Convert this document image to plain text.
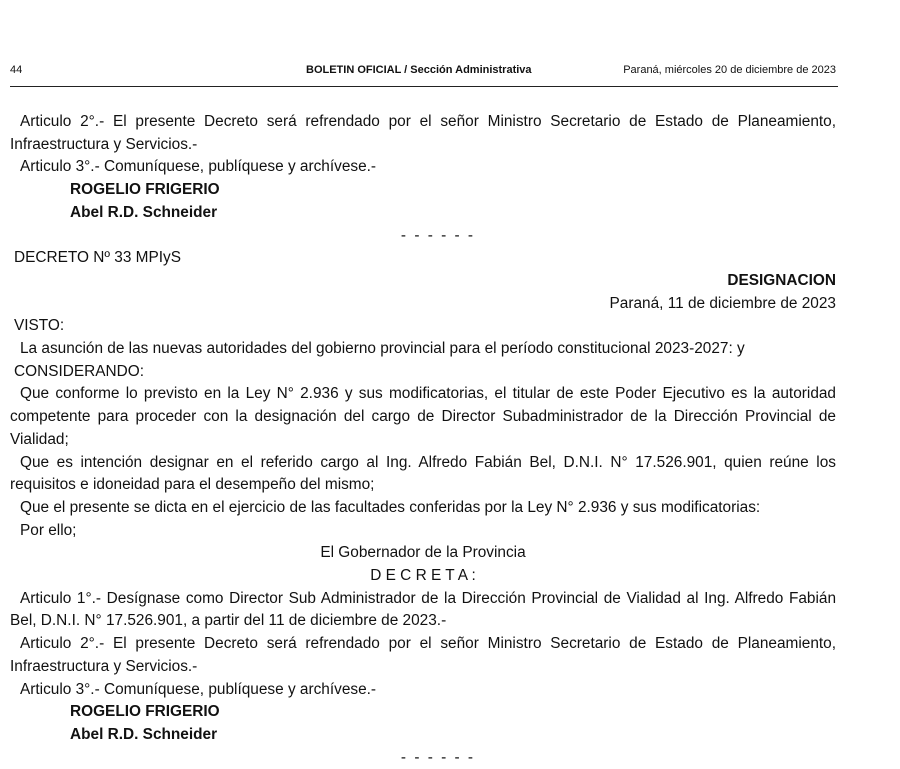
44	BOLETIN OFICIAL / Sección Administrativa	Paraná, miércoles 20 de diciembre de 2023

Articulo 2°.- El presente Decreto será refrendado por el señor Ministro Secretario de Estado de Planeamiento, Infraestructura y Servicios.-

Articulo 3°.- Comuníquese, publíquese y archívese.-

ROGELIO FRIGERIO

Abel R.D. Schneider

- - - - - -

DECRETO Nº 33 MPIyS

DESIGNACION

Paraná, 11 de diciembre de 2023

VISTO:

La asunción de las nuevas autoridades del gobierno provincial para el período constitucional 2023-2027: y

CONSIDERANDO:

Que conforme lo previsto en la Ley N° 2.936 y sus modificatorias, el titular de este Poder Ejecutivo es la autoridad competente para proceder con la designación del cargo de Director Subadministrador de la Dirección Provincial de Vialidad;

Que es intención designar en el referido cargo al Ing. Alfredo Fabián Bel, D.N.I. N° 17.526.901, quien reúne los requisitos e idoneidad para el desempeño del mismo;

Que el presente se dicta en el ejercicio de las facultades conferidas por la Ley N° 2.936 y sus modificatorias:

Por ello;

El Gobernador de la Provincia

D E C R E T A :

Articulo 1°.- Desígnase como Director Sub Administrador de la Dirección Provincial de Vialidad al Ing. Alfredo Fabián Bel, D.N.I. N° 17.526.901, a partir del 11 de diciembre de 2023.-

Articulo 2°.- El presente Decreto será refrendado por el señor Ministro Secretario de Estado de Planeamiento, Infraestructura y Servicios.-

Articulo 3°.- Comuníquese, publíquese y archívese.-

ROGELIO FRIGERIO

Abel R.D. Schneider

- - - - - -
